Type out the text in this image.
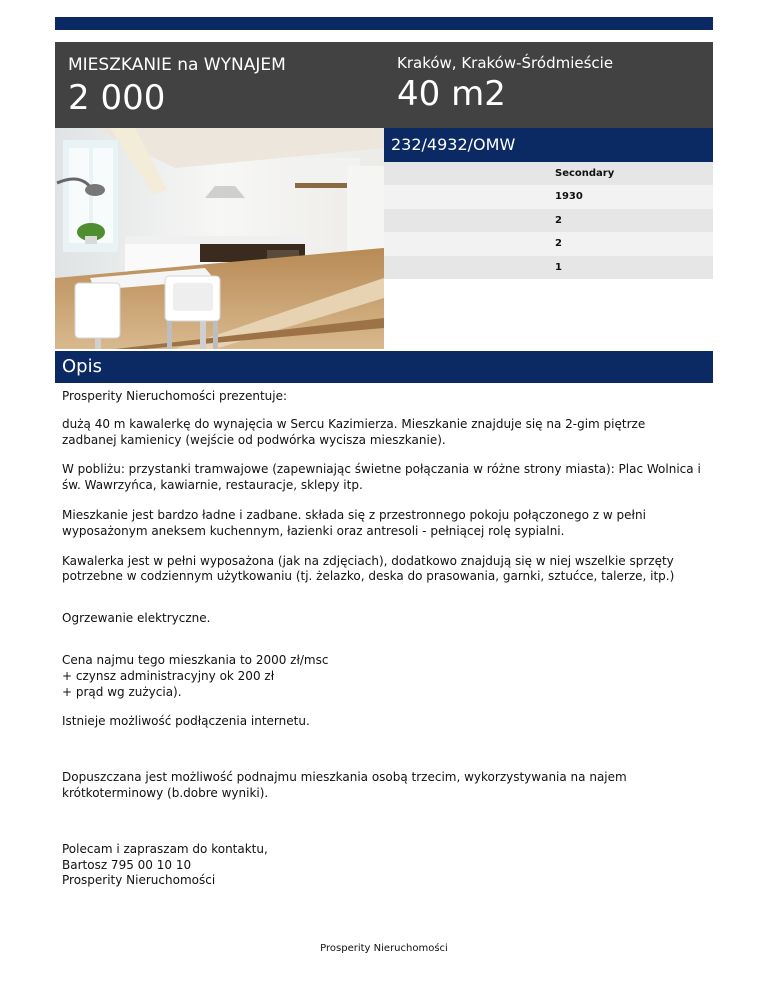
MIESZKANIE na WYNAJEM
2 000
Kraków, Kraków-Śródmieście
40 m2
232/4932/OMW
Secondary
1930
2
2
1
Opis

Prosperity Nieruchomości prezentuje:

dużą 40 m kawalerkę do wynajęcia w Sercu Kazimierza. Mieszkanie znajduje się na 2-gim piętrze zadbanej kamienicy (wejście od podwórka wycisza mieszkanie).

W pobliżu: przystanki tramwajowe (zapewniając świetne połączania w różne strony miasta): Plac Wolnica i św. Wawrzyńca, kawiarnie, restauracje, sklepy itp.

Mieszkanie jest bardzo ładne i zadbane. składa się z przestronnego pokoju połączonego z w pełni wyposażonym aneksem kuchennym, łazienki oraz antresoli - pełniącej rolę sypialni.

Kawalerka jest w pełni wyposażona (jak na zdjęciach), dodatkowo znajdują się w niej wszelkie sprzęty potrzebne w codziennym użytkowaniu (tj. żelazko, deska do prasowania, garnki, sztućce, talerze, itp.)

Ogrzewanie elektryczne.

Cena najmu tego mieszkania to 2000 zł/msc

+ czynsz administracyjny ok 200 zł

+ prąd wg zużycia).

Istnieje możliwość podłączenia internetu.

Dopuszczana jest możliwość podnajmu mieszkania osobą trzecim, wykorzystywania na najem krótkoterminowy (b.dobre wyniki).

Polecam i zapraszam do kontaktu,

Bartosz 795 00 10 10

Prosperity Nieruchomości

Prosperity Nieruchomości
